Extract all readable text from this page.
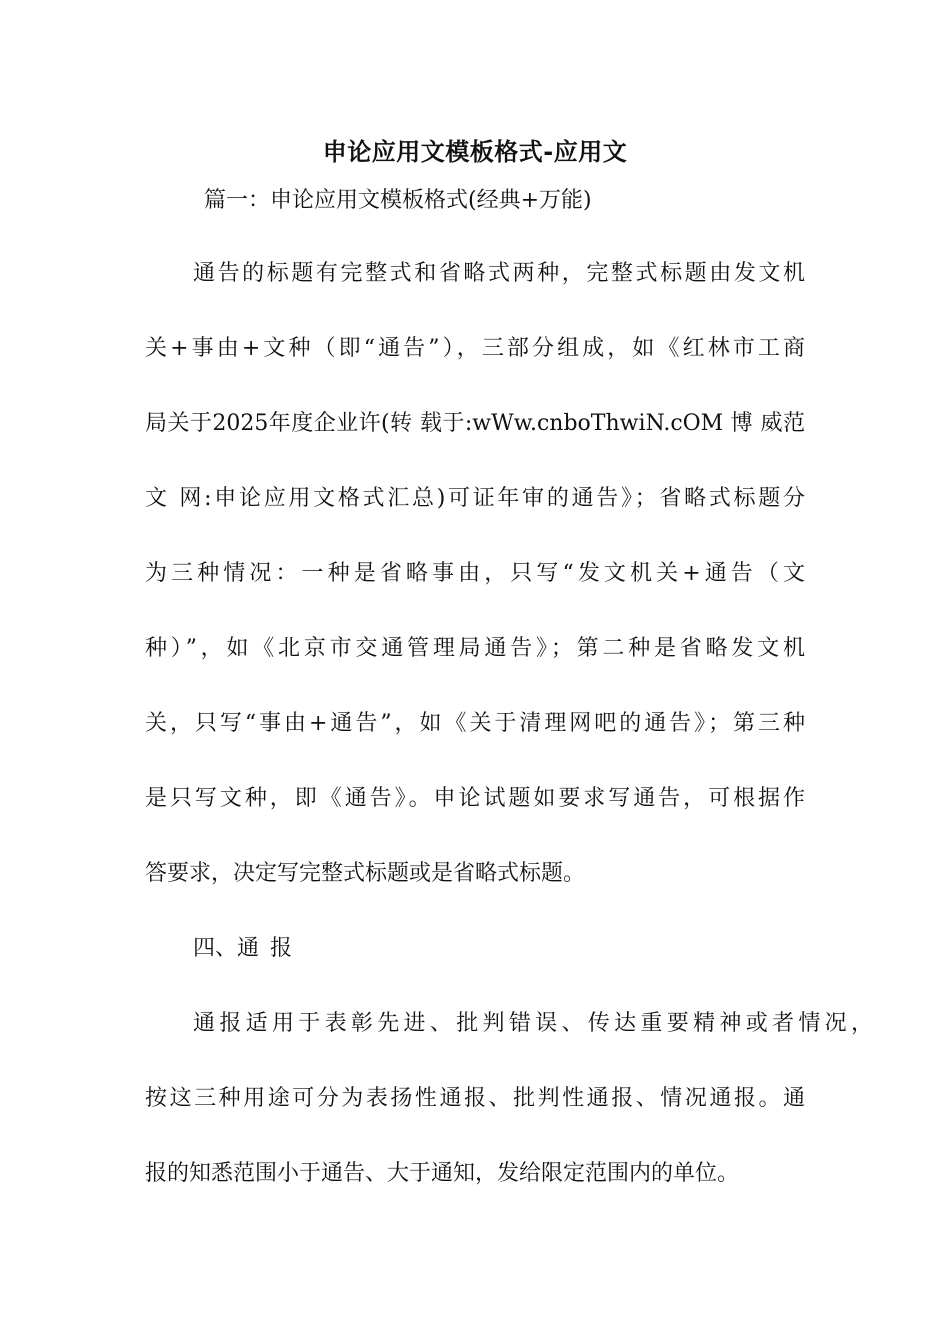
申论应用文模板格式-应用文
篇一：申论应用文模板格式(经典+万能)
通告的标题有完整式和省略式两种，完整式标题由发文机
关+事由+文种（即“通告”），三部分组成，如《红林市工商
局关于2025年度企业许(转 载于:wWw.cnboThwiN.cOM 博 威范
文 网:申论应用文格式汇总)可证年审的通告》；省略式标题分
为三种情况：一种是省略事由，只写“发文机关+通告（文
种）”，如《北京市交通管理局通告》；第二种是省略发文机
关，只写“事由+通告”，如《关于清理网吧的通告》；第三种
是只写文种，即《通告》。申论试题如要求写通告，可根据作
答要求，决定写完整式标题或是省略式标题。
四、通 报
通报适用于表彰先进、批判错误、传达重要精神或者情况，
按这三种用途可分为表扬性通报、批判性通报、情况通报。通
报的知悉范围小于通告、大于通知，发给限定范围内的单位。
